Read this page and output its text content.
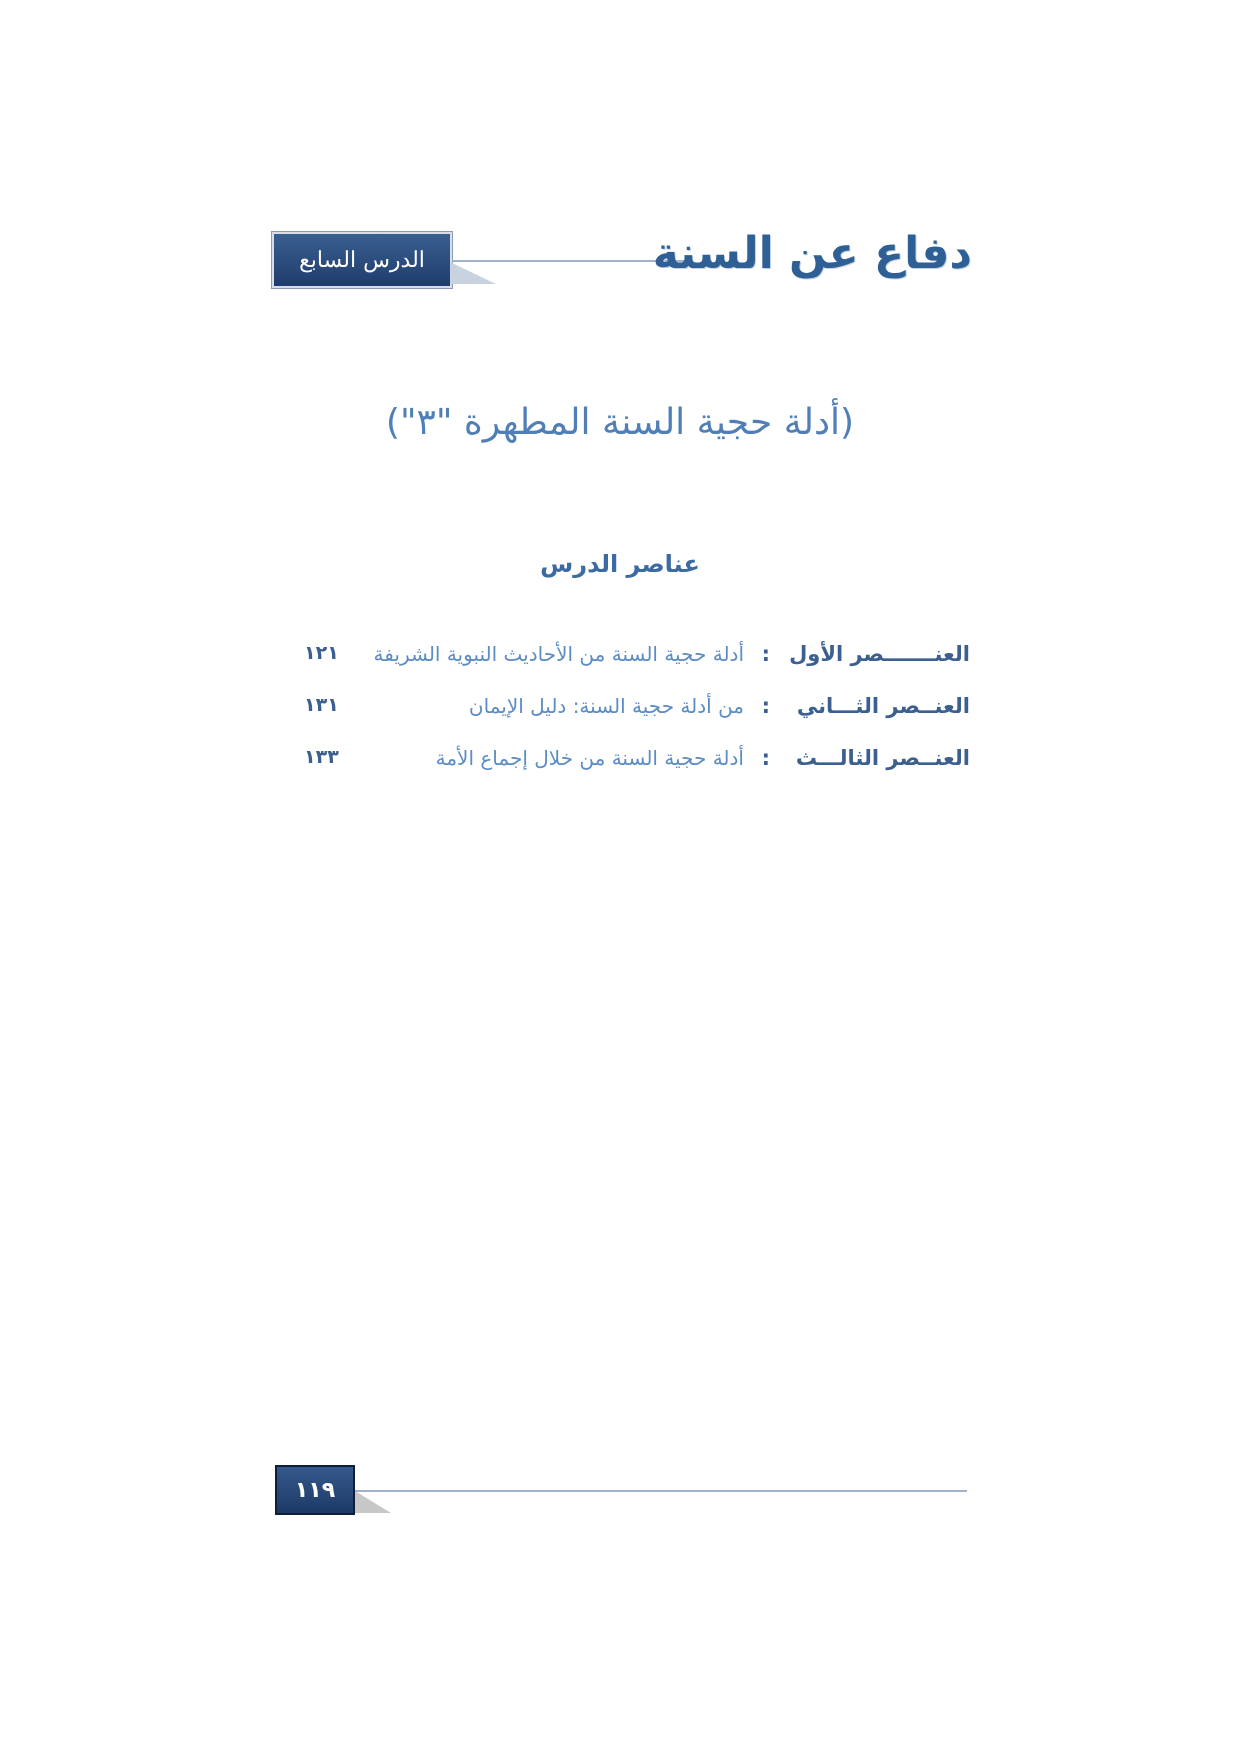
الدرس السابع	دفاع عن السنة
(أدلة حجية السنة المطهرة "٣")
عناصر الدرس
العنـــــــصر الأول
:
أدلة حجية السنة من الأحاديث النبوية الشريفة
١٢١
العنــصر الثـــاني
:
من أدلة حجية السنة: دليل الإيمان
١٣١
العنــصر الثالـــث
:
أدلة حجية السنة من خلال إجماع الأمة
١٣٣
١١٩
